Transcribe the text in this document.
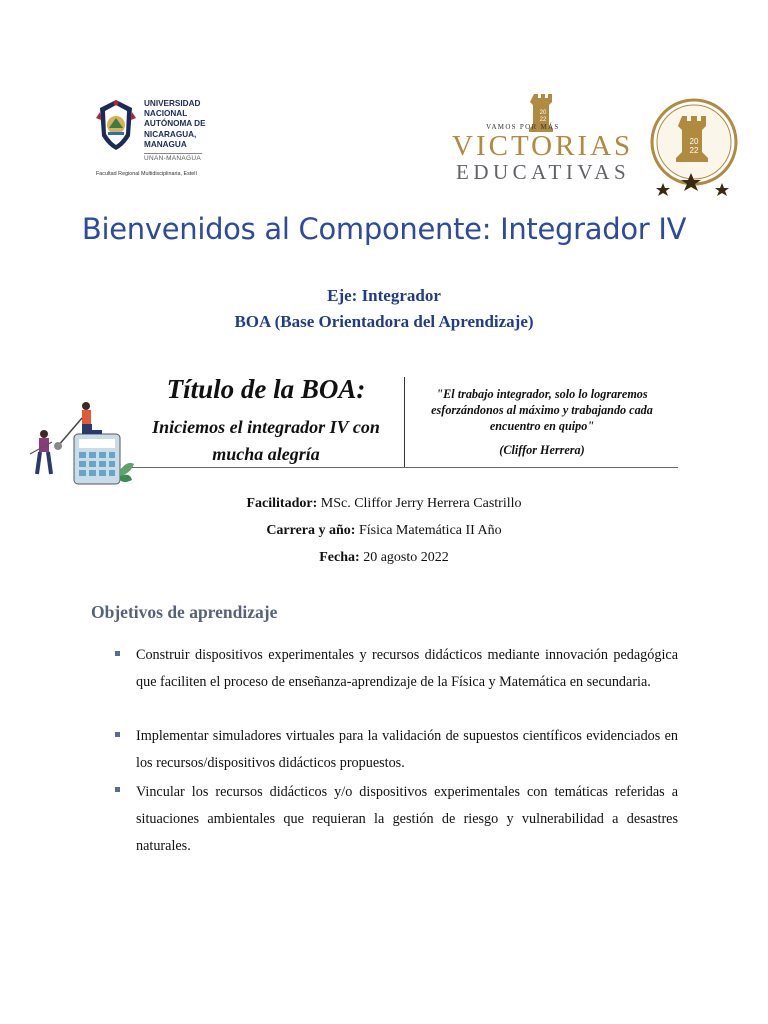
UNIVERSIDAD
NACIONAL
AUTÓNOMA DE
NICARAGUA,
MANAGUA
UNAN-MANAGUA
Facultad Regional Multidisciplinaria, Estelí
20
22
VAMOS POR MÁS
VICTORIAS
EDUCATIVAS
20
22
Bienvenidos al Componente: Integrador IV
Eje: Integrador
BOA (Base Orientadora del Aprendizaje)
Título de la BOA:
Iniciemos el integrador IV con mucha alegría
"El trabajo integrador, solo lo lograremos esforzándonos al máximo y trabajando cada encuentro en quipo"
(Cliffor Herrera)
Facilitador: MSc. Cliffor Jerry Herrera Castrillo
Carrera y año: Física Matemática II Año
Fecha: 20 agosto 2022
Objetivos de aprendizaje
Construir dispositivos experimentales y recursos didácticos mediante innovación pedagógica que faciliten el proceso de enseñanza-aprendizaje de la Física y Matemática en secundaria.
Implementar simuladores virtuales para la validación de supuestos científicos evidenciados en los recursos/dispositivos didácticos propuestos.
Vincular los recursos didácticos y/o dispositivos experimentales con temáticas referidas a situaciones ambientales que requieran la gestión de riesgo y vulnerabilidad a desastres naturales.
